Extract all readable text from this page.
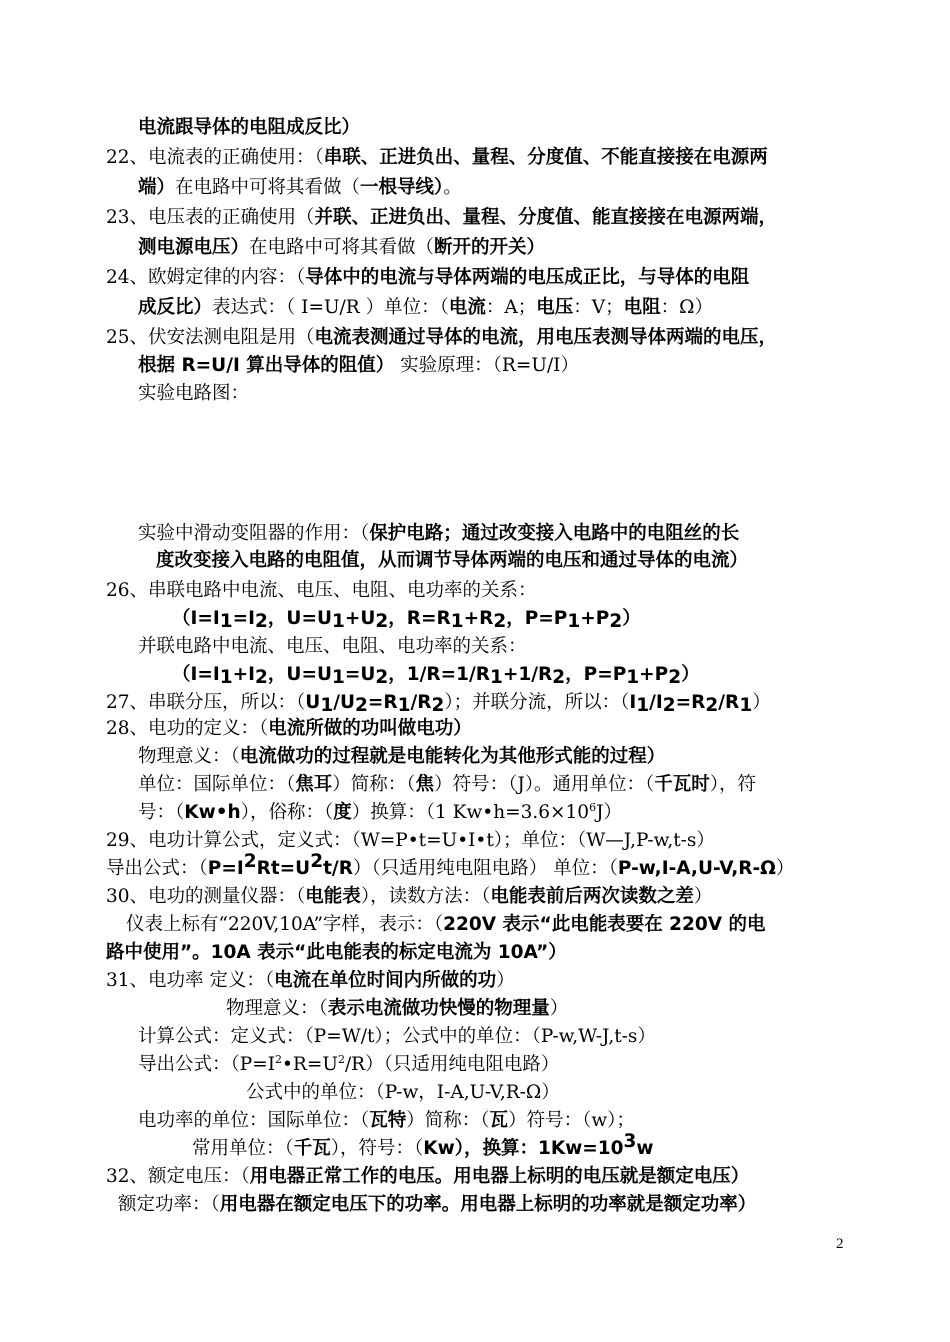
电流跟导体的电阻成反比）
22、电流表的正确使用：（串联、正进负出、量程、分度值、不能直接接在电源两
端）在电路中可将其看做（一根导线）。
23、电压表的正确使用（并联、正进负出、量程、分度值、能直接接在电源两端，
测电源电压）在电路中可将其看做（断开的开关）
24、欧姆定律的内容：（导体中的电流与导体两端的电压成正比，与导体的电阻
成反比）表达式：（ I=U/R ）单位：（电流：A；电压：V；电阻：Ω）
25、伏安法测电阻是用（电流表测通过导体的电流，用电压表测导体两端的电压，
根据 R=U/I 算出导体的阻值） 实验原理：（R=U/I）
实验电路图：
实验中滑动变阻器的作用：（保护电路；通过改变接入电路中的电阻丝的长
度改变接入电路的电阻值，从而调节导体两端的电压和通过导体的电流）
26、串联电路中电流、电压、电阻、电功率的关系：
（$I=I_1=I_2$，$U=U_1+U_2$，$R=R_1+R_2$，$P=P_1+P_2$）
并联电路中电流、电压、电阻、电功率的关系：
（$I=I_1+I_2$，$U=U_1=U_2$，$1/R=1/R_1+1/R_2$，$P=P_1+P_2$）
27、串联分压，所以：$(U_1/U_2=R_1/R_2)$；并联分流，所以：$(I_1/I_2=R_2/R_1)$
28、电功的定义：（电流所做的功叫做电功）
物理意义：（电流做功的过程就是电能转化为其他形式能的过程）
单位：国际单位：（焦耳）简称：（焦）符号：（J）。通用单位：（千瓦时），符
号：（Kw•h），俗称：（度）换算：（1 $Kw•h=3.6\times 10^6J$）
29、电功计算公式，定义式：（W=P•t=U•I•t）；单位：（W—J,P-w,t-s）
导出公式：$(P=I^2Rt=U^2t/R)$（只适用纯电阻电路） 单位：（P-w,I-A,U-V,R-Ω）
30、电功的测量仪器：（电能表），读数方法：（电能表前后两次读数之差）
仪表上标有“220V,10A”字样，表示：（220V 表示“此电能表要在 220V 的电
路中使用”。10A 表示“此电能表的标定电流为 10A”）
31、电功率 定义：（电流在单位时间内所做的功）
物理意义：（表示电流做功快慢的物理量）
计算公式：定义式：（P=W/t）；公式中的单位：（P-w,W-J,t-s）
导出公式：$(P=I^2•R=U^2/R)$（只适用纯电阻电路）
公式中的单位：（P-w，I-A,U-V,R-Ω）
电功率的单位：国际单位：（瓦特）简称：（瓦）符号：（w）；
常用单位：（千瓦），符号：（Kw），换算：$1Kw=10^3w$
32、额定电压：（用电器正常工作的电压。用电器上标明的电压就是额定电压）
额定功率：（用电器在额定电压下的功率。用电器上标明的功率就是额定功率）
2
